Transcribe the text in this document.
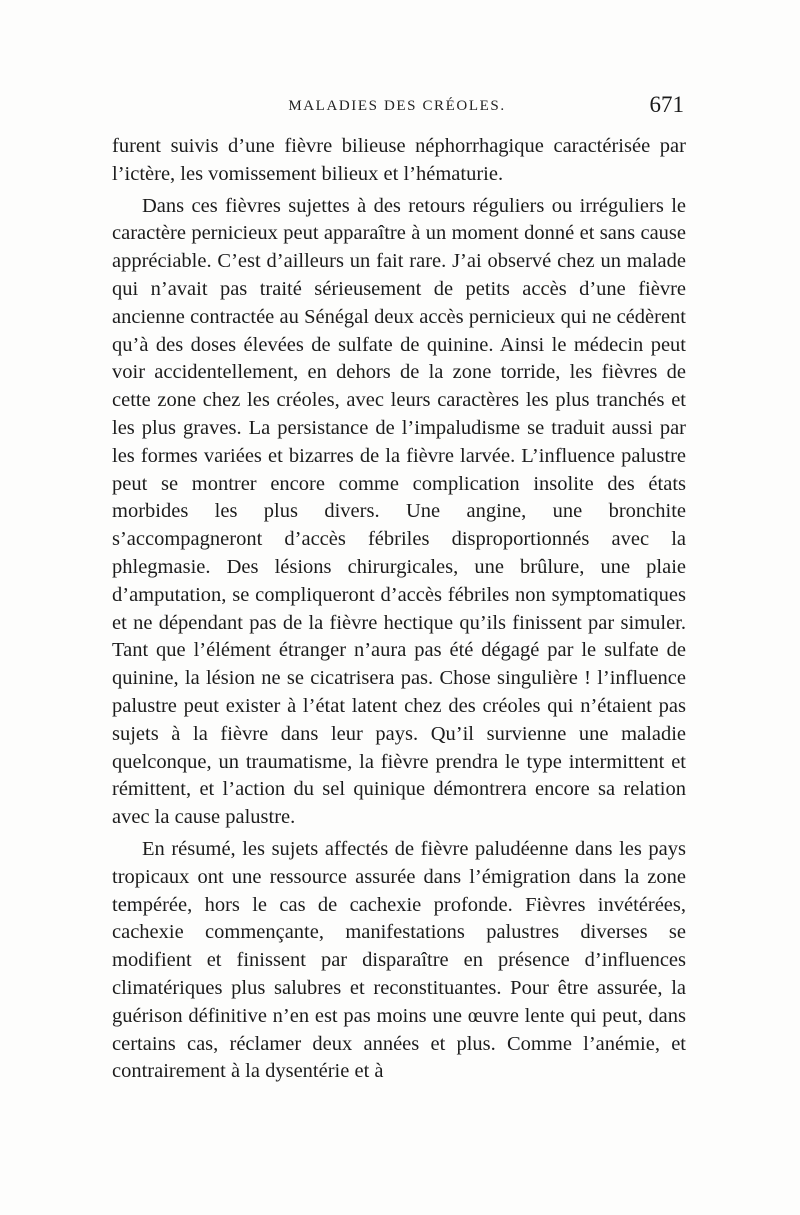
MALADIES DES CRÉOLES.	671

furent suivis d’une fièvre bilieuse néphorrhagique caractérisée par l’ictère, les vomissement bilieux et l’hématurie.

Dans ces fièvres sujettes à des retours réguliers ou irréguliers le caractère pernicieux peut apparaître à un moment donné et sans cause appréciable. C’est d’ailleurs un fait rare. J’ai observé chez un malade qui n’avait pas traité sérieusement de petits accès d’une fièvre ancienne contractée au Sénégal deux accès pernicieux qui ne cédèrent qu’à des doses élevées de sulfate de quinine. Ainsi le médecin peut voir accidentellement, en dehors de la zone torride, les fièvres de cette zone chez les créoles, avec leurs caractères les plus tranchés et les plus graves. La persistance de l’impaludisme se traduit aussi par les formes variées et bizarres de la fièvre larvée. L’influence palustre peut se montrer encore comme complication insolite des états morbides les plus divers. Une angine, une bronchite s’accompagneront d’accès fébriles disproportionnés avec la phlegmasie. Des lésions chirurgicales, une brûlure, une plaie d’amputation, se compliqueront d’accès fébriles non symptomatiques et ne dépendant pas de la fièvre hectique qu’ils finissent par simuler. Tant que l’élément étranger n’aura pas été dégagé par le sulfate de quinine, la lésion ne se cicatrisera pas. Chose singulière ! l’influence palustre peut exister à l’état latent chez des créoles qui n’étaient pas sujets à la fièvre dans leur pays. Qu’il survienne une maladie quelconque, un traumatisme, la fièvre prendra le type intermittent et rémittent, et l’action du sel quinique démontrera encore sa relation avec la cause palustre.

En résumé, les sujets affectés de fièvre paludéenne dans les pays tropicaux ont une ressource assurée dans l’émigration dans la zone tempérée, hors le cas de cachexie profonde. Fièvres invétérées, cachexie commençante, manifestations palustres diverses se modifient et finissent par disparaître en présence d’influences climatériques plus salubres et reconstituantes. Pour être assurée, la guérison définitive n’en est pas moins une œuvre lente qui peut, dans certains cas, réclamer deux années et plus. Comme l’anémie, et contrairement à la dysentérie et à
